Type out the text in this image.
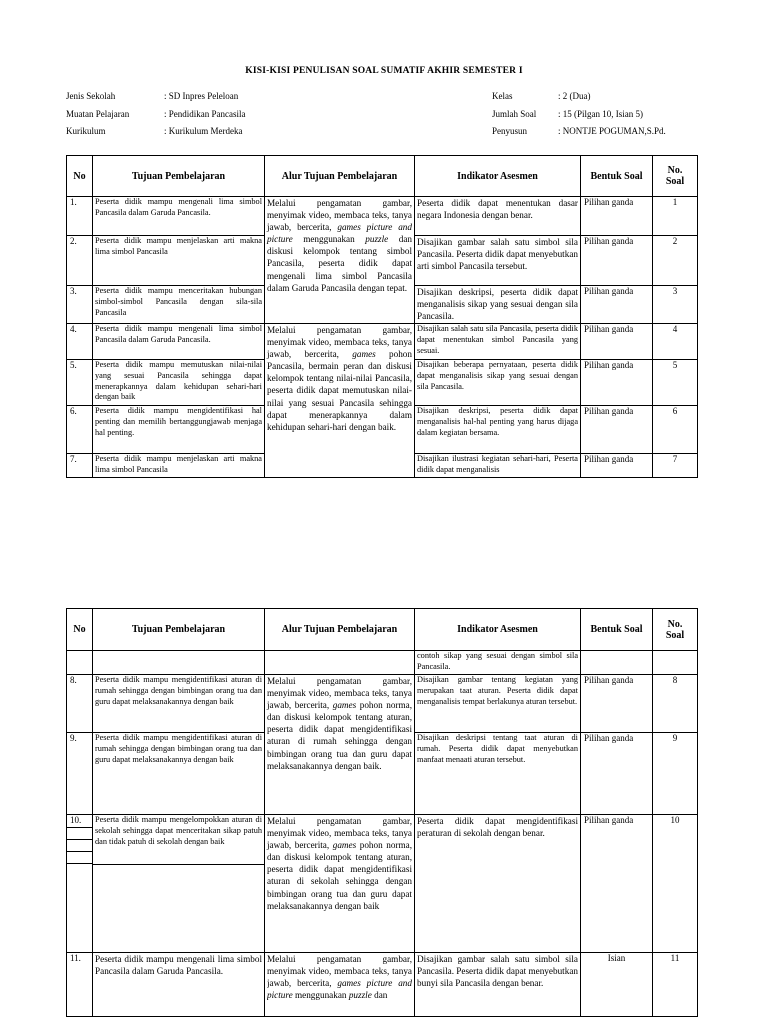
KISI-KISI PENULISAN SOAL SUMATIF AKHIR SEMESTER I
Jenis Sekolah	: SD Inpres Peleloan
Muatan Pelajaran	: Pendidikan Pancasila
Kurikulum	: Kurikulum Merdeka
Kelas	: 2 (Dua)
Jumlah Soal : 15 (Pilgan 10, Isian 5)
Penyusun	: NONTJE POGUMAN,S.Pd.
No	Tujuan Pembelajaran	Alur Tujuan Pembelajaran	Indikator Asesmen	Bentuk Soal	No.
Soal
1.	Peserta didik mampu mengenali lima simbol Pancasila dalam Garuda Pancasila.	Melalui pengamatan gambar, menyimak video, membaca teks, tanya jawab, bercerita, games picture and picture menggunakan puzzle dan diskusi kelompok tentang simbol Pancasila, peserta didik dapat mengenali lima simbol Pancasila dalam Garuda Pancasila dengan tepat.	Peserta didik dapat menentukan dasar negara Indonesia dengan benar.	Pilihan ganda	1
2.	Peserta didik mampu menjelaskan arti makna lima simbol Pancasila		Disajikan gambar salah satu simbol sila Pancasila. Peserta didik dapat menyebutkan arti simbol Pancasila tersebut.	Pilihan ganda	2
3.	Peserta didik mampu menceritakan hubungan simbol-simbol Pancasila dengan sila-sila Pancasila		Disajikan deskripsi, peserta didik dapat menganalisis sikap yang sesuai dengan sila Pancasila.	Pilihan ganda	3
4.	Peserta didik mampu mengenali lima simbol Pancasila dalam Garuda Pancasila.	Melalui pengamatan gambar, menyimak video, membaca teks, tanya jawab, bercerita, games pohon Pancasila, bermain peran dan diskusi kelompok tentang nilai-nilai Pancasila, peserta didik dapat memutuskan nilai-nilai yang sesuai Pancasila sehingga dapat menerapkannya dalam kehidupan sehari-hari dengan baik.	Disajikan salah satu sila Pancasila, peserta didik dapat menentukan simbol Pancasila yang sesuai.	Pilihan ganda	4
5.	Peserta didik mampu memutuskan nilai-nilai yang sesuai Pancasila sehingga dapat menerapkannya dalam kehidupan sehari-hari dengan baik		Disajikan beberapa pernyataan, peserta didik dapat menganalisis sikap yang sesuai dengan sila Pancasila.	Pilihan ganda	5
6.	Peserta didik mampu mengidentifikasi hal penting dan memilih bertanggungjawab menjaga hal penting.		Disajikan deskripsi, peserta didik dapat menganalisis hal-hal penting yang harus dijaga dalam kegiatan bersama.	Pilihan ganda	6
7.	Peserta didik mampu menjelaskan arti makna lima simbol Pancasila		Disajikan ilustrasi kegiatan sehari-hari, Peserta didik dapat menganalisis	Pilihan ganda	7
No	Tujuan Pembelajaran	Alur Tujuan Pembelajaran	Indikator Asesmen	Bentuk Soal	No.
Soal
			contoh sikap yang sesuai dengan simbol sila Pancasila.		
8.	Peserta didik mampu mengidentifikasi aturan di rumah sehingga dengan bimbingan orang tua dan guru dapat melaksanakannya dengan baik	Melalui pengamatan gambar, menyimak video, membaca teks, tanya jawab, bercerita, games pohon norma, dan diskusi kelompok tentang aturan, peserta didik dapat mengidentifikasi aturan di rumah sehingga dengan bimbingan orang tua dan guru dapat melaksanakannya dengan baik.	Disajikan gambar tentang kegiatan yang merupakan taat aturan. Peserta didik dapat menganalisis tempat berlakunya aturan tersebut.	Pilihan ganda	8
9.	Peserta didik mampu mengidentifikasi aturan di rumah sehingga dengan bimbingan orang tua dan guru dapat melaksanakannya dengan baik		Disajikan deskripsi tentang taat aturan di rumah. Peserta didik dapat menyebutkan manfaat menaati aturan tersebut.	Pilihan ganda	9
10.	Peserta didik mampu mengelompokkan aturan di sekolah sehingga dapat menceritakan sikap patuh dan tidak patuh di sekolah dengan baik	Melalui pengamatan gambar, menyimak video, membaca teks, tanya jawab, bercerita, games pohon norma, dan diskusi kelompok tentang aturan, peserta didik dapat mengidentifikasi aturan di sekolah sehingga dengan bimbingan orang tua dan guru dapat melaksanakannya dengan baik	Peserta didik dapat mengidentifikasi peraturan di sekolah dengan benar.	Pilihan ganda	10
11.	Peserta didik mampu mengenali lima simbol Pancasila dalam Garuda Pancasila.	Melalui pengamatan gambar, menyimak video, membaca teks, tanya jawab, bercerita, games picture and picture menggunakan puzzle dan	Disajikan gambar salah satu simbol sila Pancasila. Peserta didik dapat menyebutkan bunyi sila Pancasila dengan benar.	Isian	11
